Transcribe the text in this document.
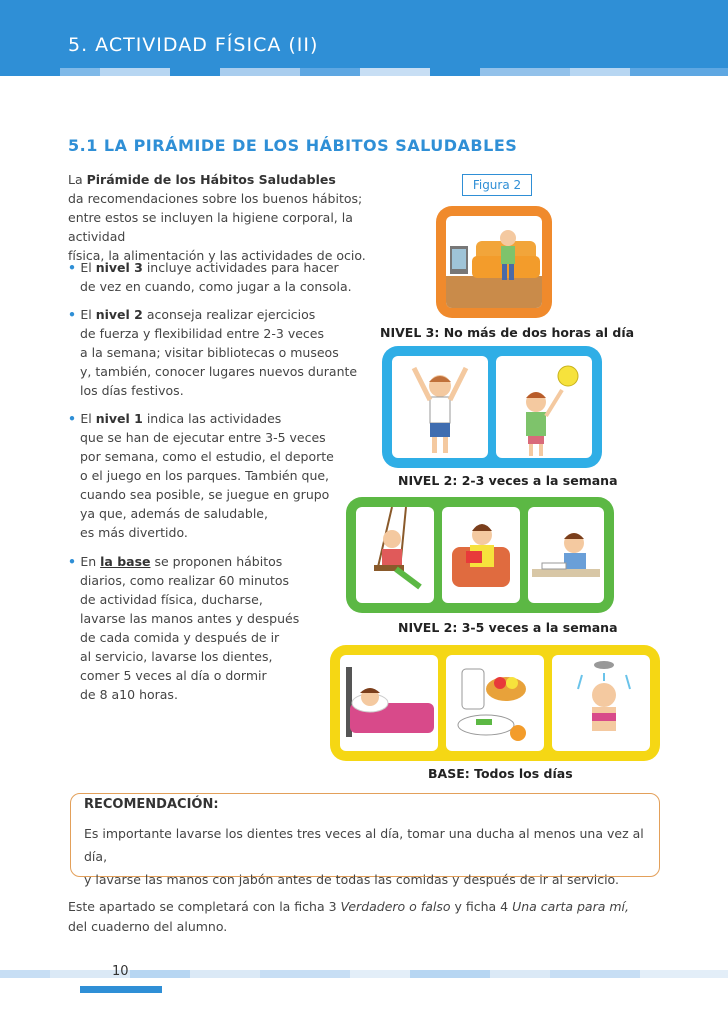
5. ACTIVIDAD FÍSICA (II)
5.1 LA PIRÁMIDE DE LOS HÁBITOS SALUDABLES
Figura 2
La Pirámide de los Hábitos Saludables
da recomendaciones sobre los buenos hábitos;
entre estos se incluyen la higiene corporal, la actividad
física, la alimentación y las actividades de ocio.
• El nivel 3 incluye actividades para hacer
de vez en cuando, como jugar a la consola.
• El nivel 2 aconseja realizar ejercicios
de fuerza y flexibilidad entre 2-3 veces
a la semana; visitar bibliotecas o museos
y, también, conocer lugares nuevos durante
los días festivos.
• El nivel 1 indica las actividades
que se han de ejecutar entre 3-5 veces
por semana, como el estudio, el deporte
o el juego en los parques. También que,
cuando sea posible, se juegue en grupo
ya que, además de saludable,
es más divertido.
• En la base se proponen hábitos
diarios, como realizar 60 minutos
de actividad física, ducharse,
lavarse las manos antes y después
de cada comida y después de ir
al servicio, lavarse los dientes,
comer 5 veces al día o dormir
de 8 a10 horas.
NIVEL 3: No más de dos horas al día
NIVEL 2: 2-3 veces a la semana
NIVEL 2: 3-5 veces a la semana
BASE: Todos los días
RECOMENDACIÓN:
Es importante lavarse los dientes tres veces al día, tomar una ducha al menos una vez al día,
y lavarse las manos con jabón antes de todas las comidas y después de ir al servicio.
Este apartado se completará con la ficha 3 Verdadero o falso y ficha 4 Una carta para mí,
del cuaderno del alumno.
10
